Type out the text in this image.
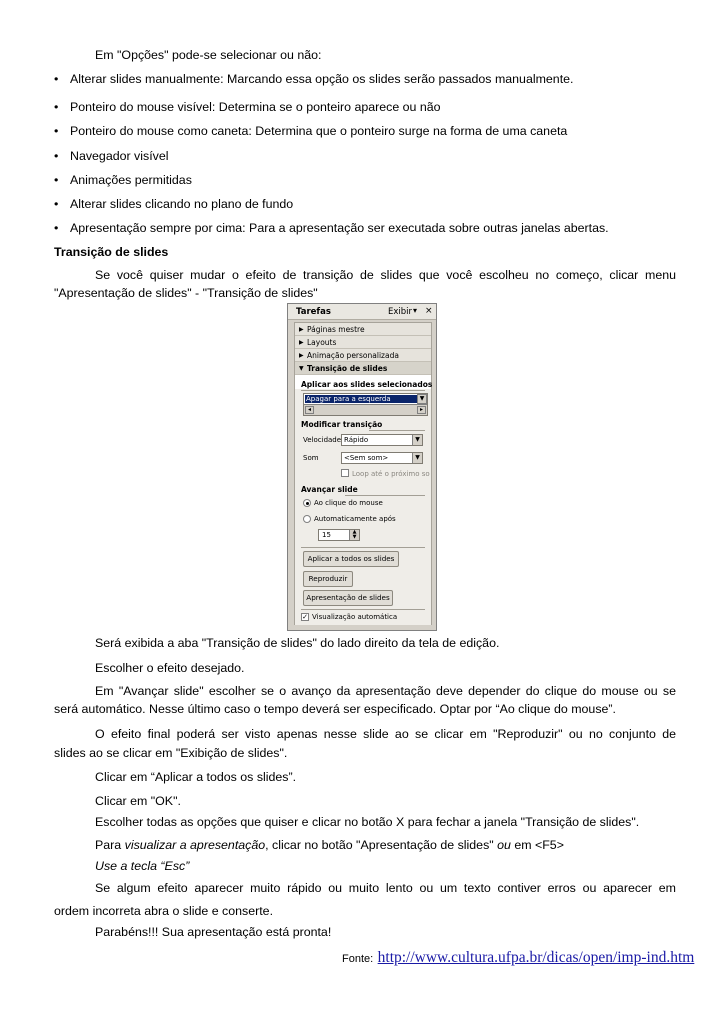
Em "Opções" pode-se selecionar ou não:
• Alterar slides manualmente: Marcando essa opção os slides serão passados manualmente.
• Ponteiro do mouse visível: Determina se o ponteiro aparece ou não
• Ponteiro do mouse como caneta: Determina que o ponteiro surge na forma de uma caneta
• Navegador visível
• Animações permitidas
• Alterar slides clicando no plano de fundo
• Apresentação sempre por cima: Para a apresentação ser executada sobre outras janelas abertas.
Transição de slides
Se você quiser mudar o efeito de transição de slides que você escolheu no começo, clicar menu
"Apresentação de slides" - "Transição de slides"
Tarefas	Exibir ▾ ×
▶ Páginas mestre
▶ Layouts
▶ Animação personalizada
▼ Transição de slides
Aplicar aos slides selecionados
Apagar para a esquerda	▼
◂	▸
Modificar transição
Velocidade Rápido	▼
Som	<Sem som>	▼
Loop até o próximo so
Avançar slide
Ao clique do mouse
Automaticamente após
15	▲
▼
Aplicar a todos os slides
Reproduzir
Apresentação de slides
✓ Visualização automática
Será exibida a aba "Transição de slides" do lado direito da tela de edição.
Escolher o efeito desejado.
Em "Avançar slide" escolher se o avanço da apresentação deve depender do clique do mouse ou se
será automático. Nesse último caso o tempo deverá ser especificado. Optar por “Ao clique do mouse”.
O efeito final poderá ser visto apenas nesse slide ao se clicar em "Reproduzir" ou no conjunto de
slides ao se clicar em "Exibição de slides".
Clicar em “Aplicar a todos os slides”.
Clicar em "OK".
Escolher todas as opções que quiser e clicar no botão X para fechar a janela "Transição de slides".
Para visualizar a apresentação, clicar no botão "Apresentação de slides" ou em <F5>
Use a tecla “Esc”
Se algum efeito aparecer muito rápido ou muito lento ou um texto contiver erros ou aparecer em
ordem incorreta abra o slide e conserte.
Parabéns!!! Sua apresentação está pronta!
Fonte: http://www.cultura.ufpa.br/dicas/open/imp-ind.htm
